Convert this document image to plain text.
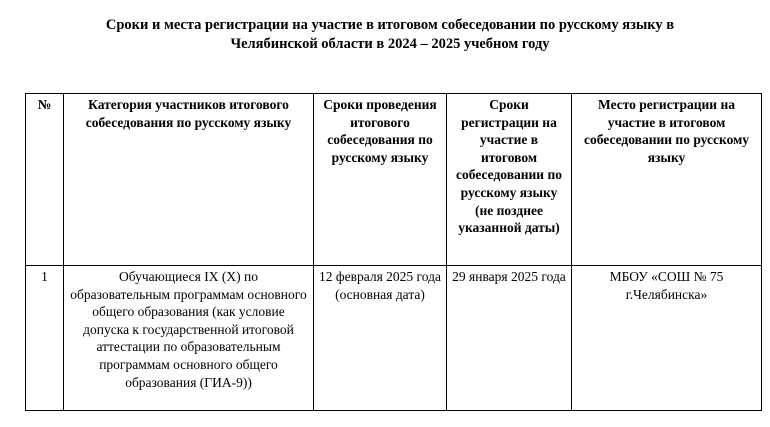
Сроки и места регистрации на участие в итоговом собеседовании по русскому языку в
Челябинской области в 2024 – 2025 учебном году
№	Категория участников итогового собеседования по русскому языку	Сроки проведения итогового собеседования по русскому языку	Сроки регистрации на участие в итоговом собеседовании по русскому языку (не позднее указанной даты)	Место регистрации на участие в итоговом собеседовании по русскому языку
1	Обучающиеся IX (X) по образовательным программам основного общего образования (как условие допуска к государственной итоговой аттестации по образовательным программам основного общего образования (ГИА-9))	12 февраля 2025 года (основная дата)	29 января 2025 года	МБОУ «СОШ № 75 г.Челябинска»
